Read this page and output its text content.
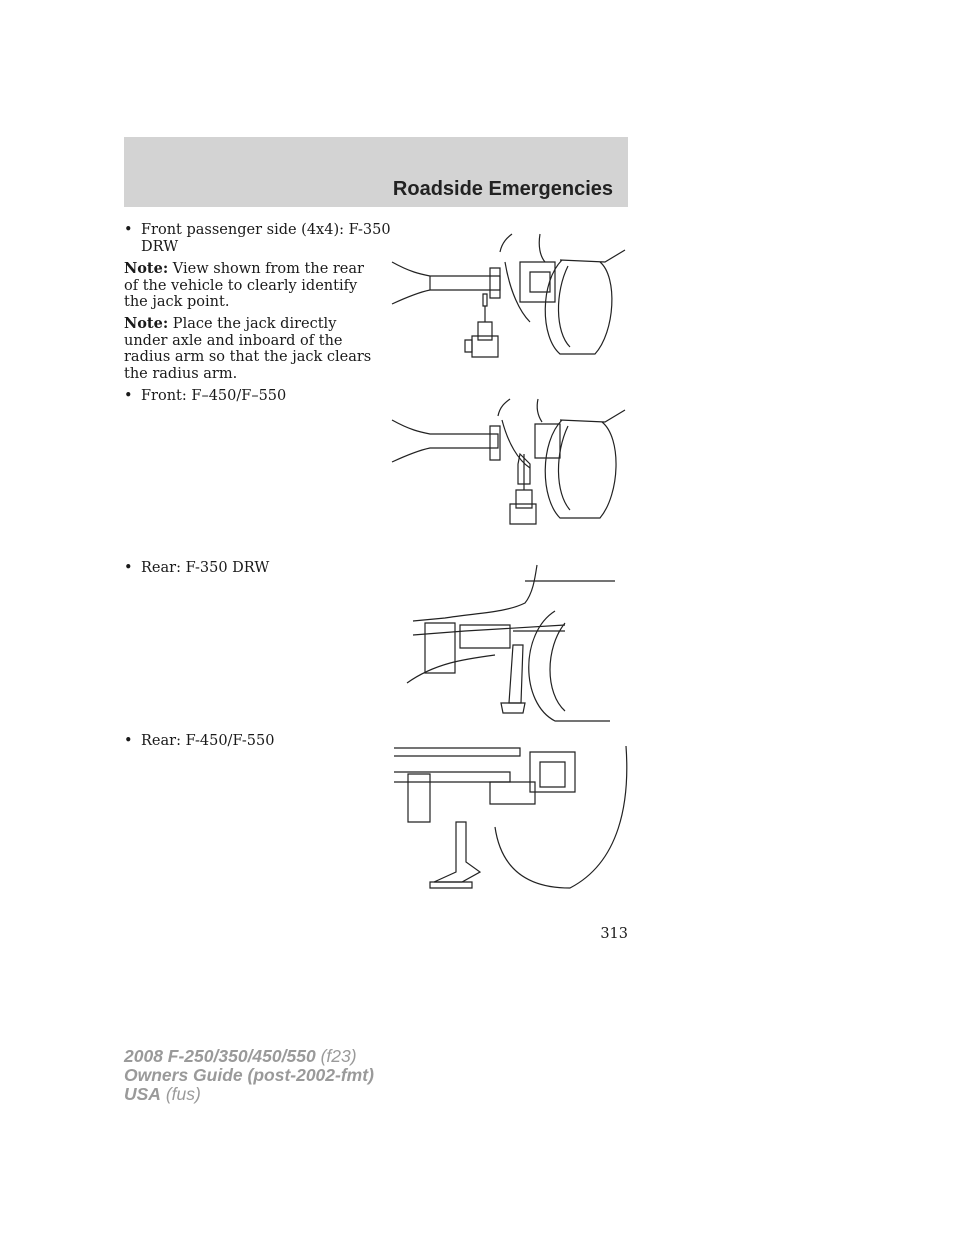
Roadside Emergencies
• Front passenger side (4x4): F-350 DRW
Note: View shown from the rear of the vehicle to clearly identify the jack point.
Note: Place the jack directly under axle and inboard of the radius arm so that the jack clears the radius arm.
• Front: F–450/F–550
• Rear: F-350 DRW
• Rear: F-450/F-550
313
2008 F-250/350/450/550 (f23)
Owners Guide (post-2002-fmt)
USA (fus)
